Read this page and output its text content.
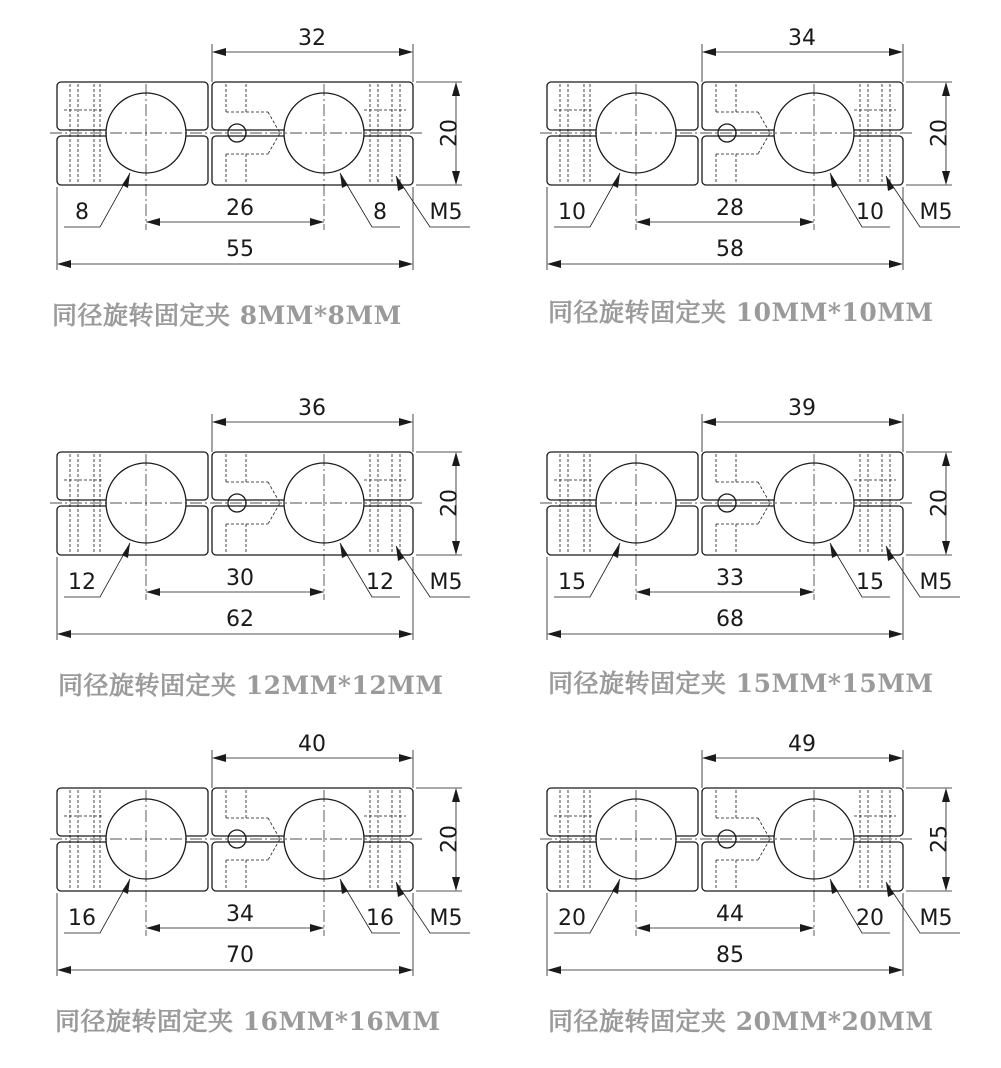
32
20
8	26	8 M5
55
同径旋转固定夹 8MM*8MM
34
20
10	28	10 M5
58
同径旋转固定夹 10MM*10MM
36
20
12	30	12 M5
62
同径旋转固定夹 12MM*12MM
39
20
15	33	15 M5
68
同径旋转固定夹 15MM*15MM
40
20
16	34	16 M5
70
同径旋转固定夹 16MM*16MM
49
25
20	44	20 M5
85
同径旋转固定夹 20MM*20MM
